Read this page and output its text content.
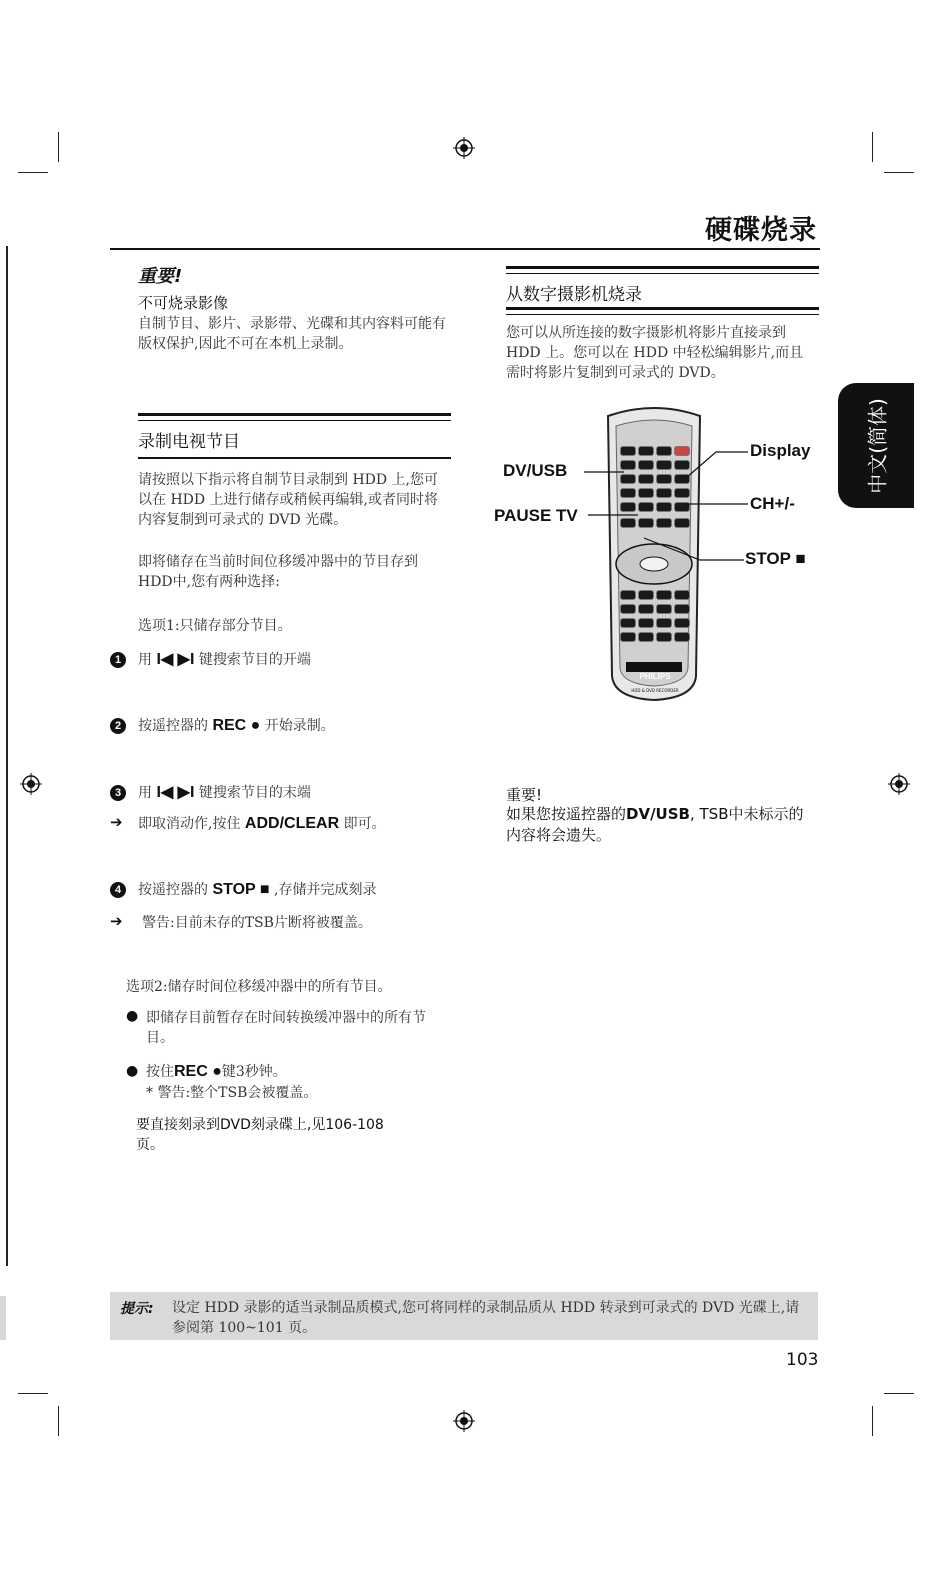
硬碟烧录
中文(简体)
重要!
不可烧录影像
自制节目、影片、录影带、光碟和其内容料可能有版权保护,因此不可在本机上录制。
录制电视节目
请按照以下指示将自制节目录制到 HDD 上,您可以在 HDD 上进行储存或稍候再编辑,或者同时将内容复制到可录式的 DVD 光碟。
即将储存在当前时间位移缓冲器中的节目存到HDD中,您有两种选择:
选项1:只储存部分节目。
1	用 I◀ ▶I 键搜索节目的开端
2	按遥控器的 REC ● 开始录制。
3	用 I◀ ▶I 键搜索节目的末端
➔ 即取消动作,按住 ADD/CLEAR 即可。
4	按遥控器的 STOP ■ ,存储并完成刻录
➔ 警告:目前未存的TSB片断将被覆盖。
选项2:储存时间位移缓冲器中的所有节目。
● 即储存目前暂存在时间转换缓冲器中的所有节目。
● 按住REC ●键3秒钟。
* 警告:整个TSB会被覆盖。
要直接刻录到DVD刻录碟上,见106-108页。
从数字摄影机烧录
您可以从所连接的数字摄影机将影片直接录到 HDD 上。您可以在 HDD 中轻松编辑影片,而且需时将影片复制到可录式的 DVD。
PHILIPS
HDD & DVD RECORDER
Display
DV/USB
CH+/-
PAUSE TV
STOP ■
重要!
如果您按遥控器的DV/USB, TSB中未标示的内容将会遗失。
提示: 设定 HDD 录影的适当录制品质模式,您可将同样的录制品质从 HDD 转录到可录式的 DVD 光碟上,请参阅第 100~101 页。
103
